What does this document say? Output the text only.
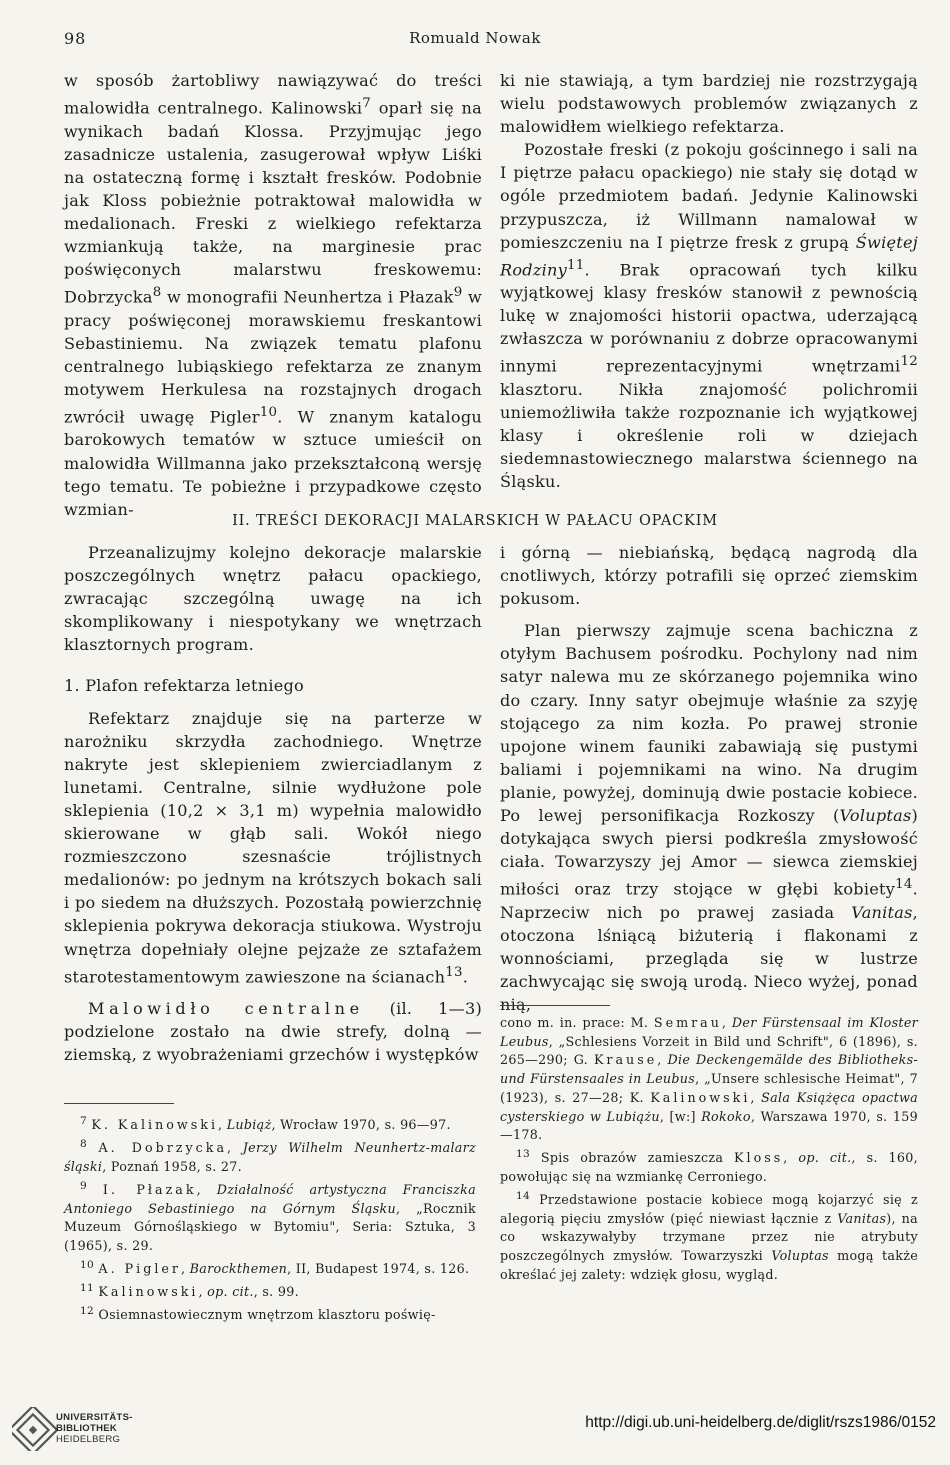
98	Romuald Nowak

w sposób żartobliwy nawiązywać do treści malowidła centralnego. Kalinowski$^7$ oparł się na wynikach badań Klossa. Przyjmując jego zasadnicze ustalenia, zasugerował wpływ Liśki na ostateczną formę i kształt fresków. Podobnie jak Kloss pobieżnie potraktował malowidła w medalionach. Freski z wielkiego refektarza wzmiankują także, na marginesie prac poświęconych malarstwu freskowemu: Dobrzycka$^8$ w monografii Neunhertza i Płazak$^9$ w pracy poświęconej morawskiemu freskantowi Sebastiniemu. Na związek tematu plafonu centralnego lubiąskiego refektarza ze znanym motywem Herkulesa na rozstajnych drogach zwrócił uwagę Pigler$^{10}$. W znanym katalogu barokowych tematów w sztuce umieścił on malowidła Willmanna jako przekształconą wersję tego tematu. Te pobieżne i przypadkowe często wzmian-

ki nie stawiają, a tym bardziej nie rozstrzygają wielu podstawowych problemów związanych z malowidłem wielkiego refektarza.

Pozostałe freski (z pokoju gościnnego i sali na I piętrze pałacu opackiego) nie stały się dotąd w ogóle przedmiotem badań. Jedynie Kalinowski przypuszcza, iż Willmann namalował w pomieszczeniu na I piętrze fresk z grupą Świętej Rodziny$^{11}$. Brak opracowań tych kilku wyjątkowej klasy fresków stanowił z pewnością lukę w znajomości historii opactwa, uderzającą zwłaszcza w porównaniu z dobrze opracowanymi innymi reprezentacyjnymi wnętrzami$^{12}$ klasztoru. Nikła znajomość polichromii uniemożliwiła także rozpoznanie ich wyjątkowej klasy i określenie roli w dziejach siedemnastowiecznego malarstwa ściennego na Śląsku.

II. TREŚCI DEKORACJI MALARSKICH W PAŁACU OPACKIM

Przeanalizujmy kolejno dekoracje malarskie poszczególnych wnętrz pałacu opackiego, zwracając szczególną uwagę na ich skomplikowany i niespotykany we wnętrzach klasztornych program.

1. Plafon refektarza letniego

Refektarz znajduje się na parterze w narożniku skrzydła zachodniego. Wnętrze nakryte jest sklepieniem zwierciadlanym z lunetami. Centralne, silnie wydłużone pole sklepienia (10,2 × 3,1 m) wypełnia malowidło skierowane w głąb sali. Wokół niego rozmieszczono szesnaście trójlistnych medalionów: po jednym na krótszych bokach sali i po siedem na dłuższych. Pozostałą powierzchnię sklepienia pokrywa dekoracja stiukowa. Wystroju wnętrza dopełniały olejne pejzaże ze sztafażem starotestamentowym zawieszone na ścianach$^{13}$.

Malowidło centralne (il. 1—3) podzielone zostało na dwie strefy, dolną — ziemską, z wyobrażeniami grzechów i występków

i górną — niebiańską, będącą nagrodą dla cnotliwych, którzy potrafili się oprzeć ziemskim pokusom.

Plan pierwszy zajmuje scena bachiczna z otyłym Bachusem pośrodku. Pochylony nad nim satyr nalewa mu ze skórzanego pojemnika wino do czary. Inny satyr obejmuje właśnie za szyję stojącego za nim kozła. Po prawej stronie upojone winem fauniki zabawiają się pustymi baliami i pojemnikami na wino. Na drugim planie, powyżej, dominują dwie postacie kobiece. Po lewej personifikacja Rozkoszy (Voluptas) dotykająca swych piersi podkreśla zmysłowość ciała. Towarzyszy jej Amor — siewca ziemskiej miłości oraz trzy stojące w głębi kobiety$^{14}$. Naprzeciw nich po prawej zasiada Vanitas, otoczona lśniącą biżuterią i flakonami z wonnościami, przegląda się w lustrze zachwycając się swoją urodą. Nieco wyżej, ponad nią,

$^7$ K. Kalinowski, Lubiąż, Wrocław 1970, s. 96—97.

$^8$ A. Dobrzycka, Jerzy Wilhelm Neunhertz-malarz śląski, Poznań 1958, s. 27.

$^9$ I. Płazak, Działalność artystyczna Franciszka Antoniego Sebastiniego na Górnym Śląsku, „Rocznik Muzeum Górnośląskiego w Bytomiu", Seria: Sztuka, 3 (1965), s. 29.

$^{10}$ A. Pigler, Barockthemen, II, Budapest 1974, s. 126.

$^{11}$ Kalinowski, op. cit., s. 99.

$^{12}$ Osiemnastowiecznym wnętrzom klasztoru poświę-

cono m. in. prace: M. Semrau, Der Fürstensaal im Kloster Leubus, „Schlesiens Vorzeit in Bild und Schrift", 6 (1896), s. 265—290; G. Krause, Die Deckengemälde des Bibliotheks- und Fürstensaales in Leubus, „Unsere schlesische Heimat", 7 (1923), s. 27—28; K. Kalinowski, Sala Książęca opactwa cysterskiego w Lubiążu, [w:] Rokoko, Warszawa 1970, s. 159—178.

$^{13}$ Spis obrazów zamieszcza Kloss, op. cit., s. 160, powołując się na wzmiankę Cerroniego.

$^{14}$ Przedstawione postacie kobiece mogą kojarzyć się z alegorią pięciu zmysłów (pięć niewiast łącznie z Vanitas), na co wskazywałyby trzymane przez nie atrybuty poszczególnych zmysłów. Towarzyszki Voluptas mogą także określać jej zalety: wdzięk głosu, wygląd.

UNIVERSITÄTS-
BIBLIOTHEK
HEIDELBERG
http://digi.ub.uni-heidelberg.de/diglit/rszs1986/0152
